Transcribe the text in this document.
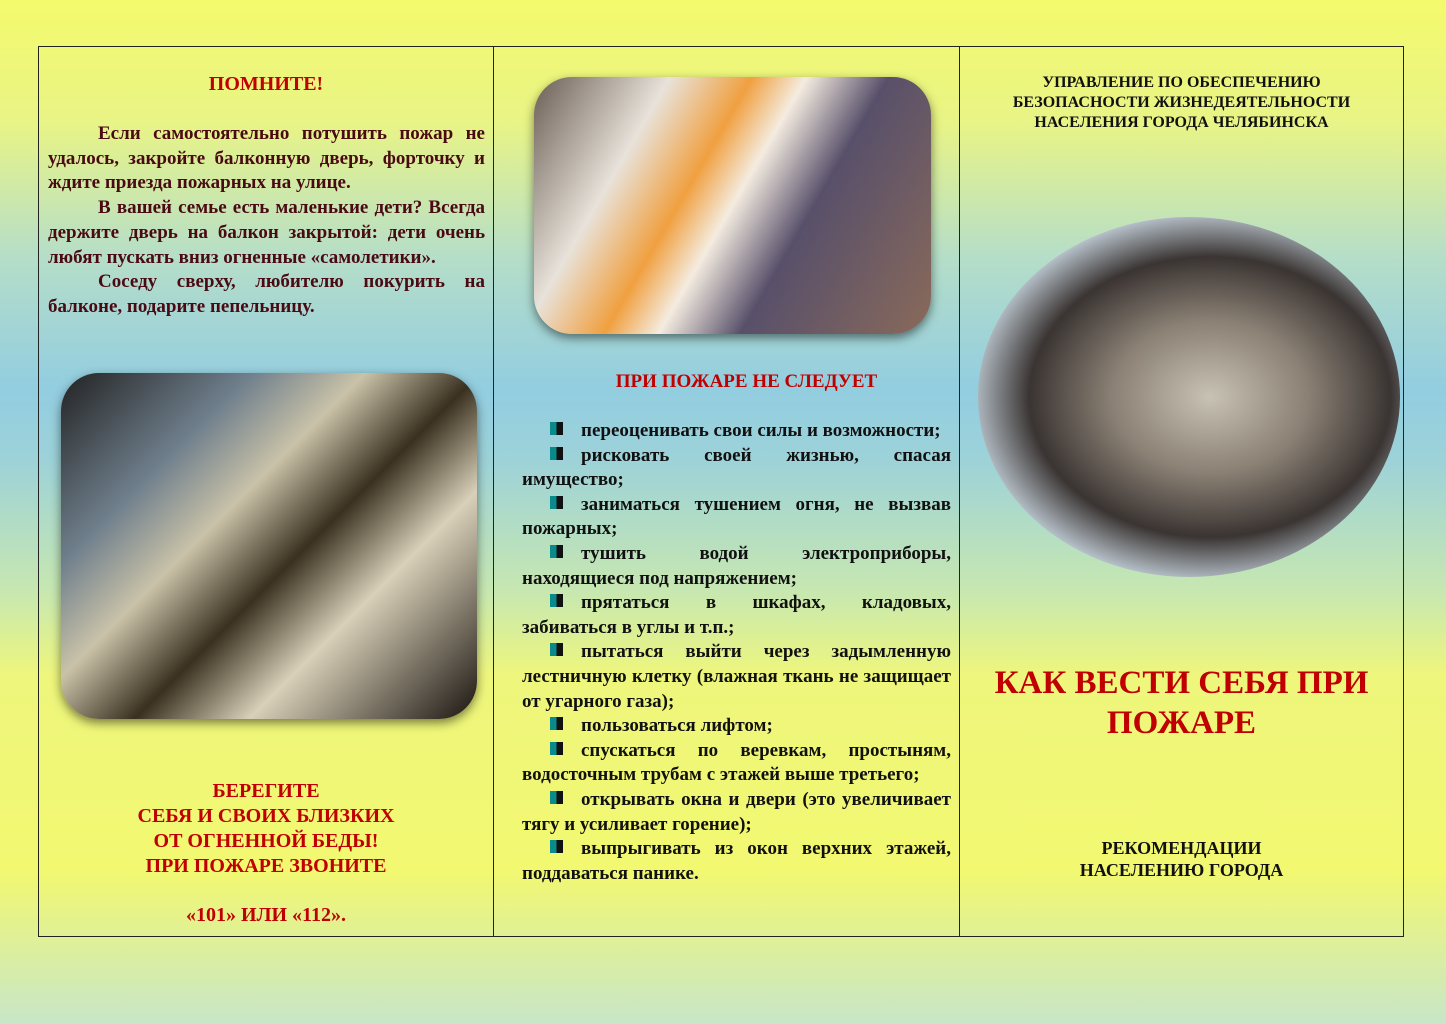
ПОМНИТЕ!

Если самостоятельно потушить пожар не удалось, закройте балконную дверь, форточку и ждите приезда пожарных на улице.

В вашей семье есть маленькие дети? Всегда держите дверь на балкон закрытой: дети очень любят пускать вниз огненные «самолетики».

Соседу сверху, любителю покурить на балконе, подарите пепельницу.

БЕРЕГИТЕ
СЕБЯ И СВОИХ БЛИЗКИХ
ОТ ОГНЕННОЙ БЕДЫ!
ПРИ ПОЖАРЕ ЗВОНИТЕ
«101» ИЛИ «112».
ПРИ ПОЖАРЕ НЕ СЛЕДУЕТ
переоценивать свои силы и возможности;
рисковать своей жизнью, спасая имущество;
заниматься тушением огня, не вызвав пожарных;
тушить водой электроприборы, находящиеся под напряжением;
прятаться в шкафах, кладовых, забиваться в углы и т.п.;
пытаться выйти через задымленную лестничную клетку (влажная ткань не защищает от угарного газа);
пользоваться лифтом;
спускаться по веревкам, простыням, водосточным трубам с этажей выше третьего;
открывать окна и двери (это увеличивает тягу и усиливает горение);
выпрыгивать из окон верхних этажей, поддаваться панике.
УПРАВЛЕНИЕ ПО ОБЕСПЕЧЕНИЮ
БЕЗОПАСНОСТИ ЖИЗНЕДЕЯТЕЛЬНОСТИ
НАСЕЛЕНИЯ ГОРОДА ЧЕЛЯБИНСКА
КАК ВЕСТИ СЕБЯ ПРИ
ПОЖАРЕ
РЕКОМЕНДАЦИИ
НАСЕЛЕНИЮ ГОРОДА
